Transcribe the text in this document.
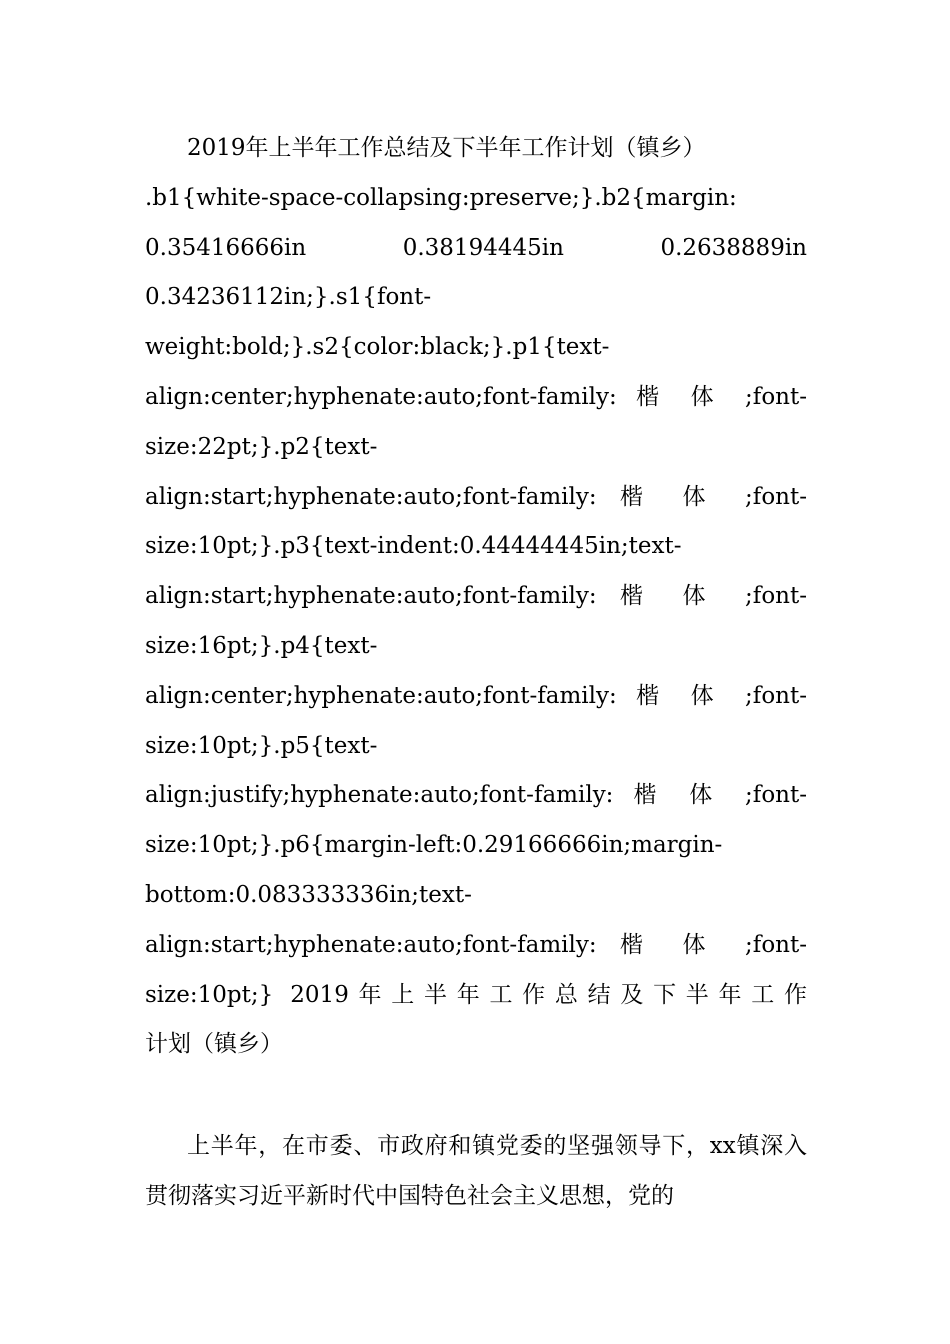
2019年上半年工作总结及下半年工作计划（镇乡）

.b1{white-space-collapsing:preserve;}.b2{margin:
0.35416666in 0.38194445in 0.2638889in
0.34236112in;}.s1{font-
weight:bold;}.s2{color:black;}.p1{text-
align:center;hyphenate:auto;font-family: 楷 体 ;font-
size:22pt;}.p2{text-
align:start;hyphenate:auto;font-family: 楷 体 ;font-
size:10pt;}.p3{text-indent:0.44444445in;text-
align:start;hyphenate:auto;font-family: 楷 体 ;font-
size:16pt;}.p4{text-
align:center;hyphenate:auto;font-family: 楷 体 ;font-
size:10pt;}.p5{text-
align:justify;hyphenate:auto;font-family: 楷 体 ;font-
size:10pt;}.p6{margin-left:0.29166666in;margin-
bottom:0.083333336in;text-
align:start;hyphenate:auto;font-family: 楷 体 ;font-
size:10pt;} 2019年上半年工作总结及下半年工作
计划（镇乡）

上半年，在市委、市政府和镇党委的坚强领导下，xx镇深入贯彻落实习近平新时代中国特色社会主义思想，党的
